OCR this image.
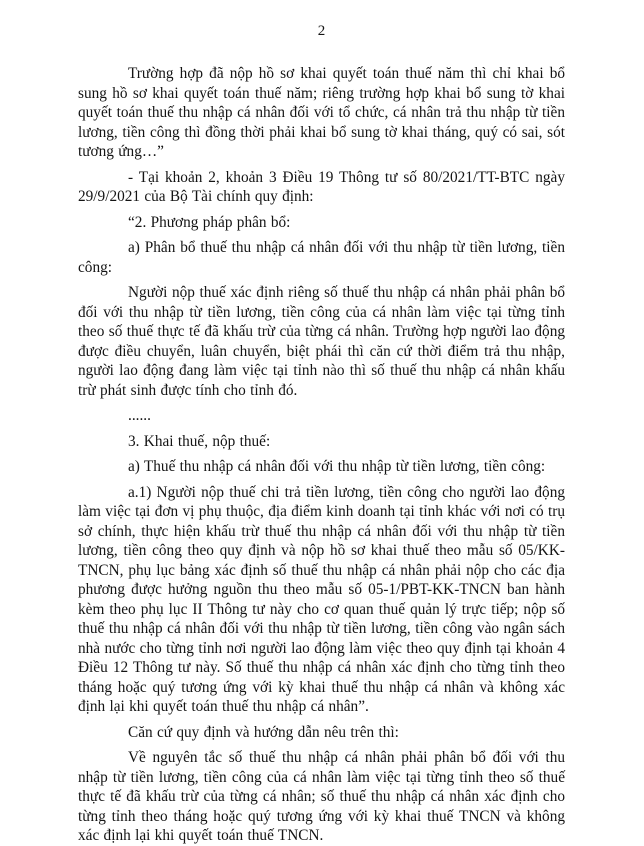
2

Trường hợp đã nộp hồ sơ khai quyết toán thuế năm thì chỉ khai bổ sung hồ sơ khai quyết toán thuế năm; riêng trường hợp khai bổ sung tờ khai quyết toán thuế thu nhập cá nhân đối với tổ chức, cá nhân trả thu nhập từ tiền lương, tiền công thì đồng thời phải khai bổ sung tờ khai tháng, quý có sai, sót tương ứng…”

- Tại khoản 2, khoản 3 Điều 19 Thông tư số 80/2021/TT-BTC ngày 29/9/2021 của Bộ Tài chính quy định:

“2. Phương pháp phân bổ:

a) Phân bổ thuế thu nhập cá nhân đối với thu nhập từ tiền lương, tiền công:

Người nộp thuế xác định riêng số thuế thu nhập cá nhân phải phân bổ đối với thu nhập từ tiền lương, tiền công của cá nhân làm việc tại từng tỉnh theo số thuế thực tế đã khấu trừ của từng cá nhân. Trường hợp người lao động được điều chuyển, luân chuyển, biệt phái thì căn cứ thời điểm trả thu nhập, người lao động đang làm việc tại tỉnh nào thì số thuế thu nhập cá nhân khấu trừ phát sinh được tính cho tỉnh đó.

......

3. Khai thuế, nộp thuế:

a) Thuế thu nhập cá nhân đối với thu nhập từ tiền lương, tiền công:

a.1) Người nộp thuế chi trả tiền lương, tiền công cho người lao động làm việc tại đơn vị phụ thuộc, địa điểm kinh doanh tại tỉnh khác với nơi có trụ sở chính, thực hiện khấu trừ thuế thu nhập cá nhân đối với thu nhập từ tiền lương, tiền công theo quy định và nộp hồ sơ khai thuế theo mẫu số 05/KK-TNCN, phụ lục bảng xác định số thuế thu nhập cá nhân phải nộp cho các địa phương được hưởng nguồn thu theo mẫu số 05-1/PBT-KK-TNCN ban hành kèm theo phụ lục II Thông tư này cho cơ quan thuế quản lý trực tiếp; nộp số thuế thu nhập cá nhân đối với thu nhập từ tiền lương, tiền công vào ngân sách nhà nước cho từng tỉnh nơi người lao động làm việc theo quy định tại khoản 4 Điều 12 Thông tư này. Số thuế thu nhập cá nhân xác định cho từng tỉnh theo tháng hoặc quý tương ứng với kỳ khai thuế thu nhập cá nhân và không xác định lại khi quyết toán thuế thu nhập cá nhân”.

Căn cứ quy định và hướng dẫn nêu trên thì:

Về nguyên tắc số thuế thu nhập cá nhân phải phân bổ đối với thu nhập từ tiền lương, tiền công của cá nhân làm việc tại từng tỉnh theo số thuế thực tế đã khấu trừ của từng cá nhân; số thuế thu nhập cá nhân xác định cho từng tỉnh theo tháng hoặc quý tương ứng với kỳ khai thuế TNCN và không xác định lại khi quyết toán thuế TNCN.
